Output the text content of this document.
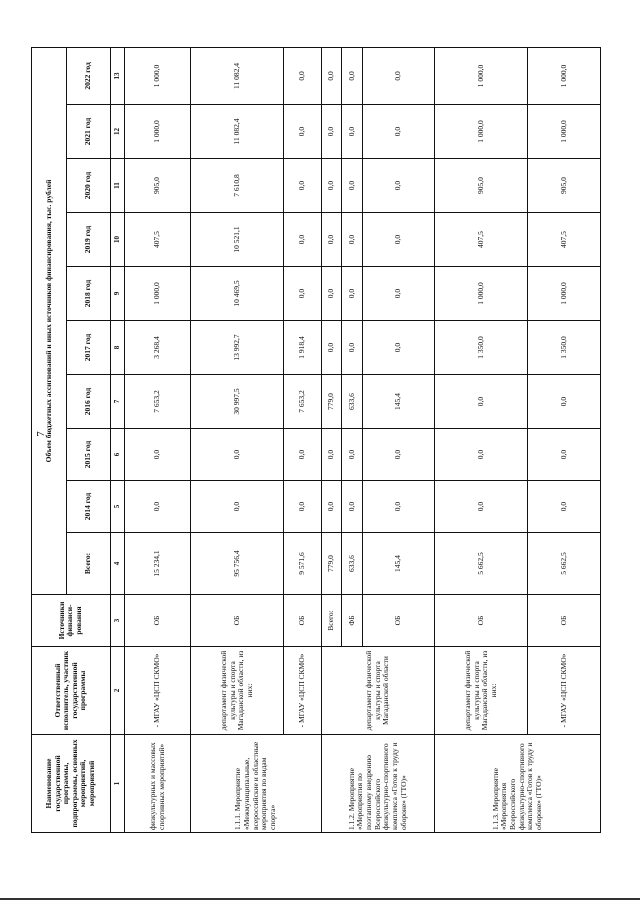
7
Наименование государственной программы, подпрограммы, основных мероприятий, мероприятий	Ответственный исполнитель, участник государственной программы	Источники финанси-рования	Объем бюджетных ассигнований и иных источников финансирования, тыс. рублей									
			Всего:	2014 год	2015 год	2016 год	2017 год	2018 год	2019 год	2020 год	2021 год	2022 год
1	2	3	4	5	6	7	8	9	10	11	12	13
физкультурных и массовых спортивных мероприятий»	- МГАУ «ЦСП СКМО»	ОБ	15 234,1	0,0	0,0	7 653,2	3 268,4	1 000,0	407,5	905,0	1 000,0	1 000,0
1.1.1. Мероприятие «Межмуниципальные, всероссийские и областные мероприятия по видам спорта»	департамент физической культуры и спорта Магаданской области, из них:	ОБ	95 756,4	0,0	0,0	30 997,5	13 992,7	10 469,5	10 521,1	7 610,8	11 082,4	11 082,4
	- МГАУ «ЦСП СКМО»	ОБ	9 571,6	0,0	0,0	7 653,2	1 918,4	0,0	0,0	0,0	0,0	0,0
1.1.2. Мероприятие «Мероприятия по поэтапному внедрению Всероссийского физкультурно-спортивного комплекса «Готов к труду и обороне» (ГТО)»	департамент физической культуры и спорта Магаданской области	Всего:	779,0	0,0	0,0	779,0	0,0	0,0	0,0	0,0	0,0	0,0
		ФБ	633,6	0,0	0,0	633,6	0,0	0,0	0,0	0,0	0,0	0,0
		ОБ	145,4	0,0	0,0	145,4	0,0	0,0	0,0	0,0	0,0	0,0
1.1.3. Мероприятие «Мероприятия Всероссийского физкультурно-спортивного комплекса «Готов к труду и обороне» (ГТО)»	департамент физической культуры и спорта Магаданской области, из них:	ОБ	5 662,5	0,0	0,0	0,0	1 350,0	1 000,0	407,5	905,0	1 000,0	1 000,0
	- МГАУ «ЦСП СКМО»	ОБ	5 662,5	0,0	0,0	0,0	1 350,0	1 000,0	407,5	905,0	1 000,0	1 000,0
